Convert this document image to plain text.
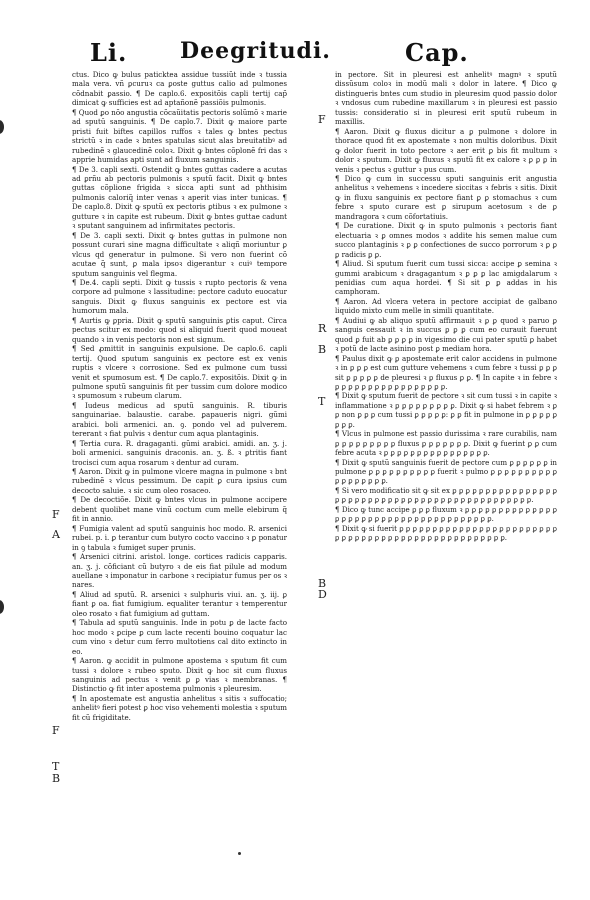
Li. Deegritudi.	Cap.
F
A
F
T
B
F
R
B
T
B
D

ctus. Dico ꝙ bulus paticktea assidue tussiũt inde ꝛ tussia mala vera. vñ ꝑcuruꝛ ca ꝑoste guttus calio ad pulmones cõdnabit ꝑassio. ¶ De caplo.6. expositõis capli tertij cap̃ dimicat ꝙ sufficies est ad aptañonẽ passiõis pulmonis.

¶ Quod ꝑo nõo angustia cõcaũitatis pectoris solũmõ ꝛ marie ad sputū sanguinis. ¶ De caplo.7. Dixit ꝙ maiore parte pristi fuit biftes capillos ruffos ꝛ tales ꝙ bntes pectus strictũ ꝛ in cade ꝛ bntes spatulas sicut alas breuitatibꝰ ad rubedinẽ ꝛ glaucedinẽ coloꝛ. Dixit ꝙ bntes cõplonẽ fri das ꝛ apprie humidas apti sunt ad fluxum sanguinis.

¶ De 3. capli sexti. Ostendit ꝙ bntes guttas cadere a acutas ad ꝑrñu ab pectoris pulmonis ꝛ sputũ facit. Dixit ꝙ bntes guttas cõplione frigida ꝛ sicca apti sunt ad phthisim pulmonis caloriq̃ inter venas ꝛ aperit vias inter tunicas. ¶ De caplo.8. Dixit ꝙ sputũ ex pectoris ꝑtibus ꝛ ex pulmone ꝛ gutture ꝛ in capite est rubeum. Dixit ꝙ bntes guttae cadunt ꝛ sputant sanguinem ad infirmitates pectoris.

¶ De 3. capli sexti. Dixit ꝙ bntes guttas in pulmone non possunt curari sine magna difficultate ꝛ aliqñ moriuntur ꝑ vlcus qd generatur in pulmone. Si vero non fuerint cõ acutae q̃ sunt, ꝑ mala ipsoꝛ digerantur ꝛ cuiꝰ tempore sputum sanguinis vel flegma.

¶ De.4. capli septi. Dixit ꝙ tussis ꝛ rupto pectoris & vena corpore ad pulmone ꝛ lassitudine: pectore caduto euocatur sanguis. Dixit ꝙ fluxus sanguinis ex pectore est via humorum mala.

¶ Aurtis ꝙ ꝑpria. Dixit ꝙ sputũ sanguinis ꝑtis caput. Circa pectus scitur ex modo: quod si aliquid fuerit quod moueat quando ꝛ in venis pectoris non est signum.

¶ Sed ꝓmittit in sanguinis expulsione. De caplo.6. capli tertij. Quod sputum sanguinis ex pectore est ex venis ruptis ꝛ vlcere ꝛ corrosione. Sed ex pulmone cum tussi venit et spumosum est. ¶ De caplo.7. expositõis. Dixit ꝙ in pulmone sputũ sanguinis fit per tussim cum dolore modico ꝛ spumosum ꝛ rubeum clarum.

¶ Iudeus medicus ad sputũ sanguinis. R. tiburis sanguinariae. balaustie. carabe. ꝑapaueris nigri. gũmi arabici. boli armenici. an. ꝯ. pondo vel ad pulverem. tererant ꝛ fiat pulvis ꝛ dentur cum aqua plantaginis.

¶ Tertia cura. R. dragaganti. gũmi arabici. amidi. an. ʒ. j. boli armenici. sanguinis draconis. an. ʒ. ß. ꝛ ꝑtritis fiant trocisci cum aqua rosarum ꝛ dentur ad curam.

¶ Aaron. Dixit ꝙ in pulmone vlcere magna in pulmone ꝛ bnt rubedinẽ ꝛ vlcus pessimum. De capit ꝑ cura ipsius cum decocto saluie. ꝛ sic cum oleo rosaceo.

¶ De decoctiõe. Dixit ꝙ bntes vlcus in pulmone accipere debent quolibet mane vinũ coctum cum melle elebirum q̃ fit in annio.

¶ Fumigia valent ad sputũ sanguinis hoc modo. R. arsenici rubei. p. i. ꝑ terantur cum butyro cocto vaccino ꝛ ꝑ ponatur in ꝯ tabula ꝛ fumiget super prunis.

¶ Arsenici citrini. aristol. longe. cortices radicis capparis. an. ʒ. j. cõficiant cũ butyro ꝛ de eis fiat pilule ad modum auellane ꝛ imponatur in carbone ꝛ recipiatur fumus per os ꝛ nares.

¶ Aliud ad sputũ. R. arsenici ꝛ sulphuris viui. an. ʒ. iij. ꝑ fiant ꝑ oa. fiat fumigium. equaliter terantur ꝛ temperentur oleo rosato ꝛ fiat fumigium ad guttam.

¶ Tabula ad sputũ sanguinis. Inde in potu ꝑ de lacte facto hoc modo ꝛ ꝑcipe ꝑ cum lacte recenti bouino coquatur lac cum vino ꝛ detur cum ferro multotiens cal dito extincto in eo.

¶ Aaron. ꝙ accidit in pulmone apostema ꝛ sputum fit cum tussi ꝛ dolore ꝛ rubeo sputo. Dixit ꝙ hoc sit cum fluxus sanguinis ad pectus ꝛ venit ꝑ ꝑ vias ꝛ membranas. ¶ Distinctio ꝙ fit inter apostema pulmonis ꝛ pleuresim.

¶ In apostemate est angustia anhelitus ꝛ sitis ꝛ suffocatio; anhelitꝰ fieri potest ꝑ hoc viso vehementi molestia ꝛ sputum fit cũ frigiditate.

in pectore. Sit in pleuresi est anhelitꝰ magnꝰ ꝛ sputũ dissũsum coloꝛ in modũ mali ꝛ dolor in latere. ¶ Dico ꝙ distingueris bntes cum studio in pleuresim quod passio dolor ꝛ vndosus cum rubedine maxillarum ꝛ in pleuresi est passio tussis: consideratio si in pleuresi erit sputũ rubeum in maxillis.

¶ Aaron. Dixit ꝙ fluxus dicitur a ꝑ pulmone ꝛ dolore in thorace quod fit ex apostemate ꝛ non multis doloribus. Dixit ꝙ dolor fuerit in toto pectore ꝛ aer erit ꝑ bis fit multum ꝛ dolor ꝛ sputum. Dixit ꝙ fluxus ꝛ sputũ fit ex calore ꝛ ꝑ ꝑ ꝑ in venis ꝛ pectus ꝛ guttur ꝛ pus cum.

¶ Dico ꝙ cum in successu sputi sanguinis erit angustia anhelitus ꝛ vehemens ꝛ incedere siccitas ꝛ febris ꝛ sitis. Dixit ꝙ in fluxu sanguinis ex pectore fiant ꝑ ꝑ stomachus ꝛ cum febre ꝛ sputo curare est ꝑ sirupum acetosum ꝛ de ꝑ mandragora ꝛ cum cõfortatiuis.

¶ De curatione. Dixit ꝙ in sputo pulmonis ꝛ pectoris fiant electuaria ꝛ ꝑ omnes modos ꝛ addite his semen malue cum succo plantaginis ꝛ ꝑ ꝑ confectiones de succo porrorum ꝛ ꝑ ꝑ ꝑ radicis ꝑ ꝑ.

¶ Aliud. Si sputum fuerit cum tussi sicca: accipe ꝑ semina ꝛ gummi arabicum ꝛ dragagantum ꝛ ꝑ ꝑ ꝑ lac amigdalarum ꝛ penidias cum aqua hordei. ¶ Si sit ꝑ ꝑ addas in his camphoram.

¶ Aaron. Ad vlcera vetera in pectore accipiat de galbano liquido mixto cum melle in simili quantitate.

¶ Audiui ꝙ ab aliquo sputũ affirmauit ꝛ ꝑ ꝑ quod ꝛ paruo ꝑ sanguis cessauit ꝛ in succus ꝑ ꝑ ꝑ cum eo curauit fuerunt quod ꝑ fuit ab ꝑ ꝑ ꝑ ꝑ in vigesimo die cui pater sputũ ꝑ habet ꝛ potũ de lacte asinino post ꝑ mediam hora.

¶ Paulus dixit ꝙ ꝑ apostemate erit calor accidens in pulmone ꝛ in ꝑ ꝑ ꝑ est cum gutture vehemens ꝛ cum febre ꝛ tussi ꝑ ꝑ ꝑ sit ꝑ ꝑ ꝑ ꝑ ꝑ de pleuresi ꝛ ꝑ fluxus ꝑ ꝑ. ¶ In capite ꝛ in febre ꝛ ꝑ ꝑ ꝑ ꝑ ꝑ ꝑ ꝑ ꝑ ꝑ ꝑ ꝑ ꝑ ꝑ ꝑ ꝑ ꝑ ꝑ.

¶ Dixit ꝙ sputum fuerit de pectore ꝛ sit cum tussi ꝛ in capite ꝛ inflammatione ꝛ ꝑ ꝑ ꝑ ꝑ ꝑ ꝑ ꝑ ꝑ ꝑ. Dixit ꝙ si habet febrem ꝛ ꝑ ꝑ non ꝑ ꝑ ꝑ cum tussi ꝑ ꝑ ꝑ ꝑ ꝑ: ꝑ ꝑ fit in pulmone in ꝑ ꝑ ꝑ ꝑ ꝑ ꝑ ꝑ ꝑ.

¶ Vlcus in pulmone est passio durissima ꝛ rare curabilis, nam ꝑ ꝑ ꝑ ꝑ ꝑ ꝑ ꝑ ꝑ ꝑ fluxus ꝑ ꝑ ꝑ ꝑ ꝑ ꝑ ꝑ. Dixit ꝙ fuerint ꝑ ꝑ cum febre acuta ꝛ ꝑ ꝑ ꝑ ꝑ ꝑ ꝑ ꝑ ꝑ ꝑ ꝑ ꝑ ꝑ ꝑ ꝑ ꝑ ꝑ.

¶ Dixit ꝙ sputũ sanguinis fuerit de pectore cum ꝑ ꝑ ꝑ ꝑ ꝑ ꝑ in pulmone ꝑ ꝑ ꝑ ꝑ ꝑ ꝑ ꝑ ꝑ ꝑ ꝑ fuerit ꝛ pulmo ꝑ ꝑ ꝑ ꝑ ꝑ ꝑ ꝑ ꝑ ꝑ ꝑ ꝑ ꝑ ꝑ ꝑ ꝑ ꝑ ꝑ ꝑ.

¶ Si vero modificatio sit ꝙ sit ex ꝑ ꝑ ꝑ ꝑ ꝑ ꝑ ꝑ ꝑ ꝑ ꝑ ꝑ ꝑ ꝑ ꝑ ꝑ ꝑ ꝑ ꝑ ꝑ ꝑ ꝑ ꝑ ꝑ ꝑ ꝑ ꝑ ꝑ ꝑ ꝑ ꝑ ꝑ ꝑ ꝑ ꝑ ꝑ ꝑ ꝑ ꝑ ꝑ ꝑ ꝑ ꝑ ꝑ ꝑ ꝑ ꝑ.

¶ Dico ꝙ tunc accipe ꝑ ꝑ ꝑ fluxum ꝛ ꝑ ꝑ ꝑ ꝑ ꝑ ꝑ ꝑ ꝑ ꝑ ꝑ ꝑ ꝑ ꝑ ꝑ ꝑ ꝑ ꝑ ꝑ ꝑ ꝑ ꝑ ꝑ ꝑ ꝑ ꝑ ꝑ ꝑ ꝑ ꝑ ꝑ ꝑ ꝑ ꝑ ꝑ ꝑ ꝑ ꝑ ꝑ.

¶ Dixit ꝙ si fuerit ꝑ ꝑ ꝑ ꝑ ꝑ ꝑ ꝑ ꝑ ꝑ ꝑ ꝑ ꝑ ꝑ ꝑ ꝑ ꝑ ꝑ ꝑ ꝑ ꝑ ꝑ ꝑ ꝑ ꝑ ꝑ ꝑ ꝑ ꝑ ꝑ ꝑ ꝑ ꝑ ꝑ ꝑ ꝑ ꝑ ꝑ ꝑ ꝑ ꝑ ꝑ ꝑ ꝑ ꝑ ꝑ ꝑ ꝑ ꝑ ꝑ ꝑ.
